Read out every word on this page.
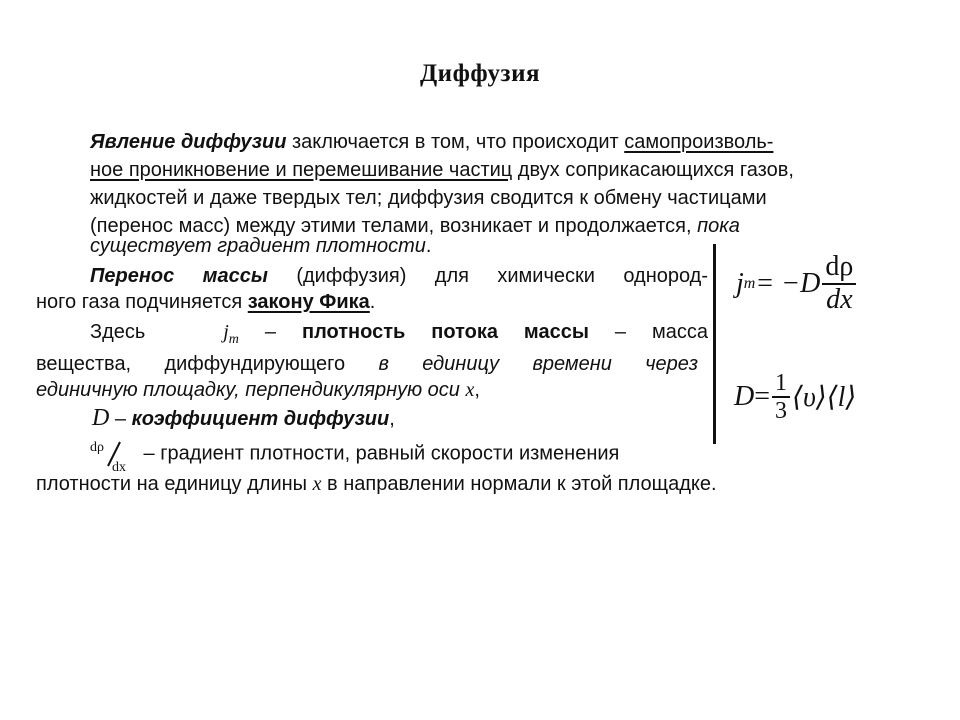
Диффузия
Явление диффузии заключается в том, что происходит самопроизволь-
ное проникновение и перемешивание частиц двух соприкасающихся газов,
жидкостей и даже твердых тел; диффузия сводится к обмену частицами
(перенос масс) между этими телами, возникает и продолжается, пока
существует градиент плотности.
Перенос массы (диффузия) для химически однород-
ного газа подчиняется закону Фика.
Здесь	$j_m$ – плотность потока массы – масса
вещества, диффундирующего в единицу времени через
единичную площадку, перпендикулярную оси x,
D – коэффициент диффузии,
dρ
dx
– градиент плотности, равный скорости изменения
плотности на единицу длины x в направлении нормали к этой площадке.
j $m = -D \frac{d\rho}{dx}$
$D = \frac{1}{3}$ ⟨υ⟩⟨l⟩
